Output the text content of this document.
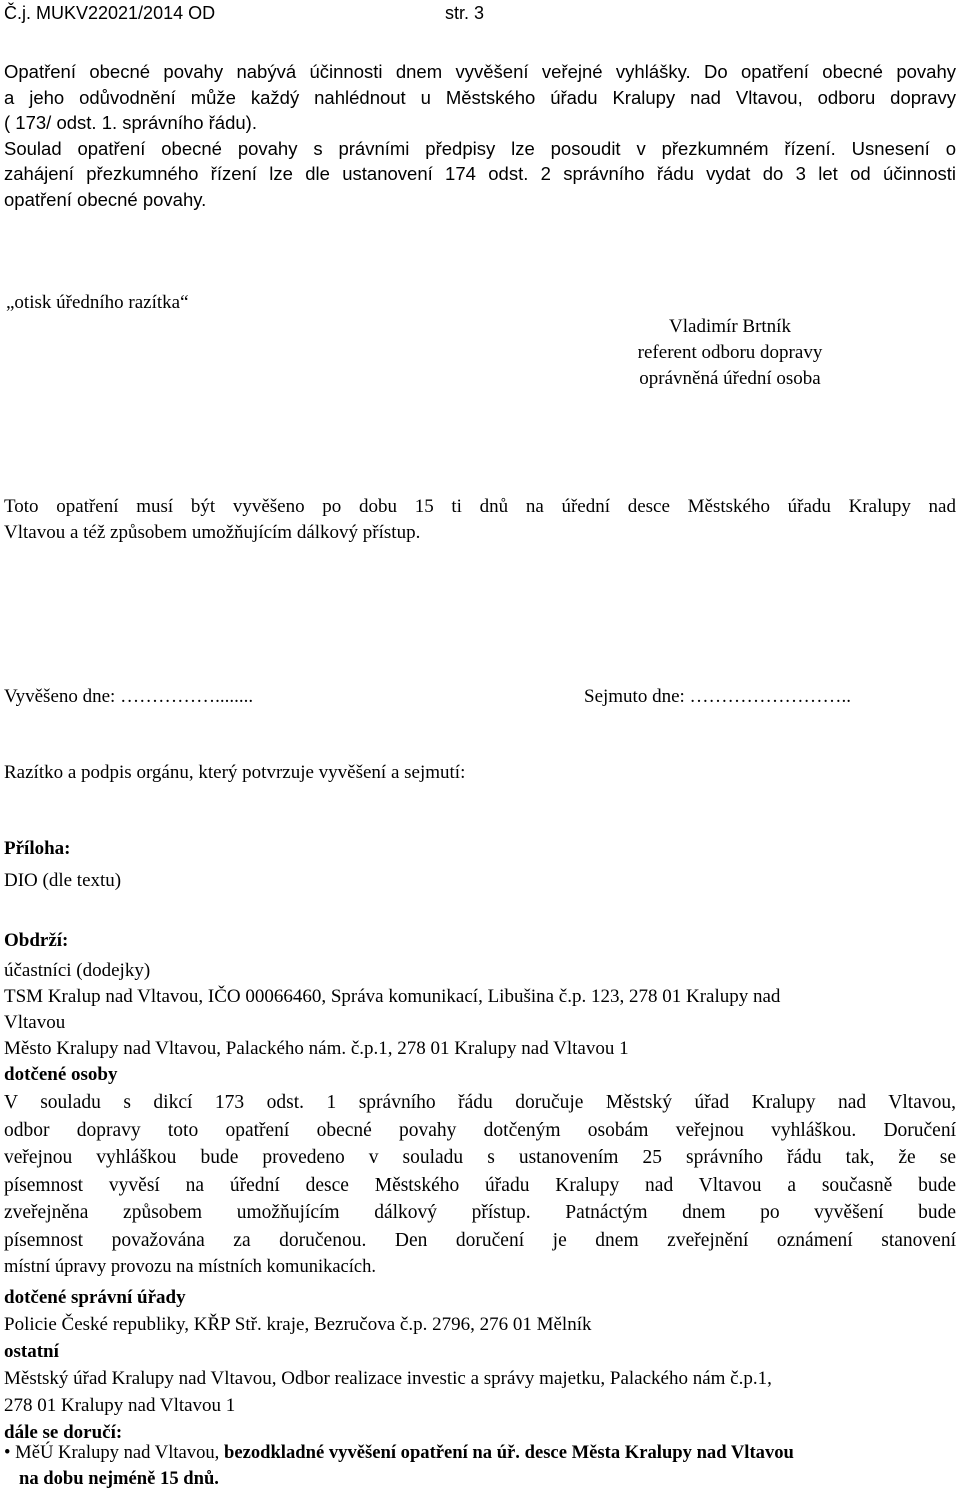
Č.j. MUKV22021/2014 OD	str. 3
Opatření obecné povahy nabývá účinnosti dnem vyvěšení veřejné vyhlášky. Do opatření obecné povahy
a jeho odůvodnění může každý nahlédnout u Městského úřadu Kralupy nad Vltavou, odboru dopravy
( 173/ odst. 1. správního řádu).
Soulad opatření obecné povahy s právními předpisy lze posoudit v přezkumném řízení. Usnesení o
zahájení přezkumného řízení lze dle ustanovení 174 odst. 2 správního řádu vydat do 3 let od účinnosti
opatření obecné povahy.
„otisk úředního razítka“
Vladimír Brtník
referent odboru dopravy
oprávněná úřední osoba
Toto opatření musí být vyvěšeno po dobu 15 ti dnů na úřední desce Městského úřadu Kralupy nad
Vltavou a též způsobem umožňujícím dálkový přístup.
Vyvěšeno dne: ……………........	Sejmuto dne: ……………………..
Razítko a podpis orgánu, který potvrzuje vyvěšení a sejmutí:
Příloha:
DIO (dle textu)
Obdrží:
účastníci (dodejky)
TSM Kralup nad Vltavou, IČO 00066460, Správa komunikací, Libušina č.p. 123, 278 01 Kralupy nad
Vltavou
Město Kralupy nad Vltavou, Palackého nám. č.p.1, 278 01 Kralupy nad Vltavou 1
dotčené osoby
V souladu s dikcí 173 odst. 1 správního řádu doručuje Městský úřad Kralupy nad Vltavou,
odbor dopravy toto opatření obecné povahy dotčeným osobám veřejnou vyhláškou. Doručení
veřejnou vyhláškou bude provedeno v souladu s ustanovením 25 správního řádu tak, že se
písemnost vyvěsí na úřední desce Městského úřadu Kralupy nad Vltavou a současně bude
zveřejněna způsobem umožňujícím dálkový přístup. Patnáctým dnem po vyvěšení bude
písemnost považována za doručenou. Den doručení je dnem zveřejnění oznámení stanovení
místní úpravy provozu na místních komunikacích.
dotčené správní úřady
Policie České republiky, KŘP Stř. kraje, Bezručova č.p. 2796, 276 01 Mělník
ostatní
Městský úřad Kralupy nad Vltavou, Odbor realizace investic a správy majetku, Palackého nám č.p.1,
278 01 Kralupy nad Vltavou 1
dále se doručí:
• MěÚ Kralupy nad Vltavou, bezodkladné vyvěšení opatření na úř. desce Města Kralupy nad Vltavou
na dobu nejméně 15 dnů.
